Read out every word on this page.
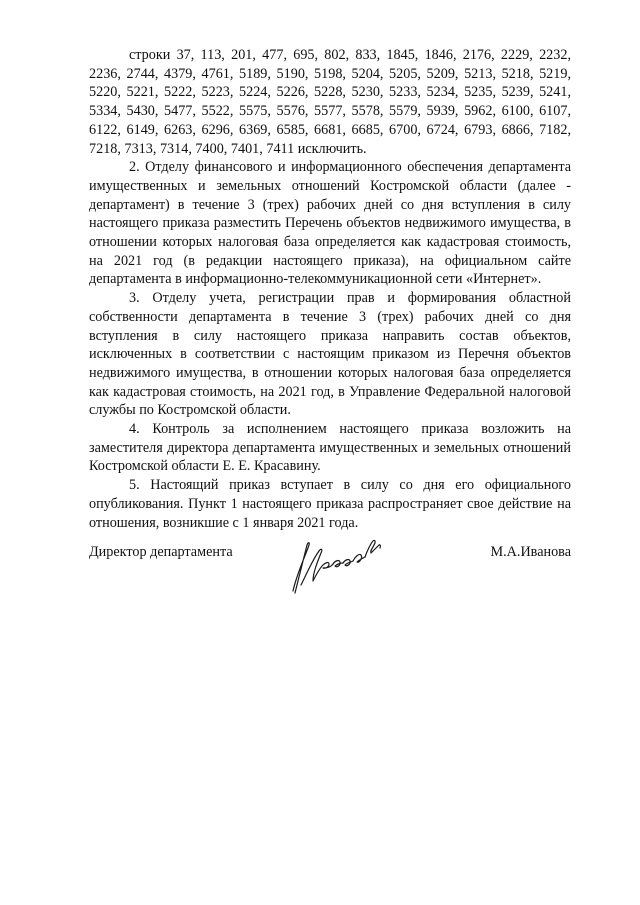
строки 37, 113, 201, 477, 695, 802, 833, 1845, 1846, 2176, 2229, 2232, 2236, 2744, 4379, 4761, 5189, 5190, 5198, 5204, 5205, 5209, 5213, 5218, 5219, 5220, 5221, 5222, 5223, 5224, 5226, 5228, 5230, 5233, 5234, 5235, 5239, 5241, 5334, 5430, 5477, 5522, 5575, 5576, 5577, 5578, 5579, 5939, 5962, 6100, 6107, 6122, 6149, 6263, 6296, 6369, 6585, 6681, 6685, 6700, 6724, 6793, 6866, 7182, 7218, 7313, 7314, 7400, 7401, 7411 исключить.

2. Отделу финансового и информационного обеспечения департамента имущественных и земельных отношений Костромской области (далее - департамент) в течение 3 (трех) рабочих дней со дня вступления в силу настоящего приказа разместить Перечень объектов недвижимого имущества, в отношении которых налоговая база определяется как кадастровая стоимость, на 2021 год (в редакции настоящего приказа), на официальном сайте департамента в информационно-телекоммуникационной сети «Интернет».

3. Отделу учета, регистрации прав и формирования областной собственности департамента в течение 3 (трех) рабочих дней со дня вступления в силу настоящего приказа направить состав объектов, исключенных в соответствии с настоящим приказом из Перечня объектов недвижимого имущества, в отношении которых налоговая база определяется как кадастровая стоимость, на 2021 год, в Управление Федеральной налоговой службы по Костромской области.

4. Контроль за исполнением настоящего приказа возложить на заместителя директора департамента имущественных и земельных отношений Костромской области Е. Е. Красавину.

5. Настоящий приказ вступает в силу со дня его официального опубликования. Пункт 1 настоящего приказа распространяет свое действие на отношения, возникшие с 1 января 2021 года.

Директор департамента	М.А.Иванова
